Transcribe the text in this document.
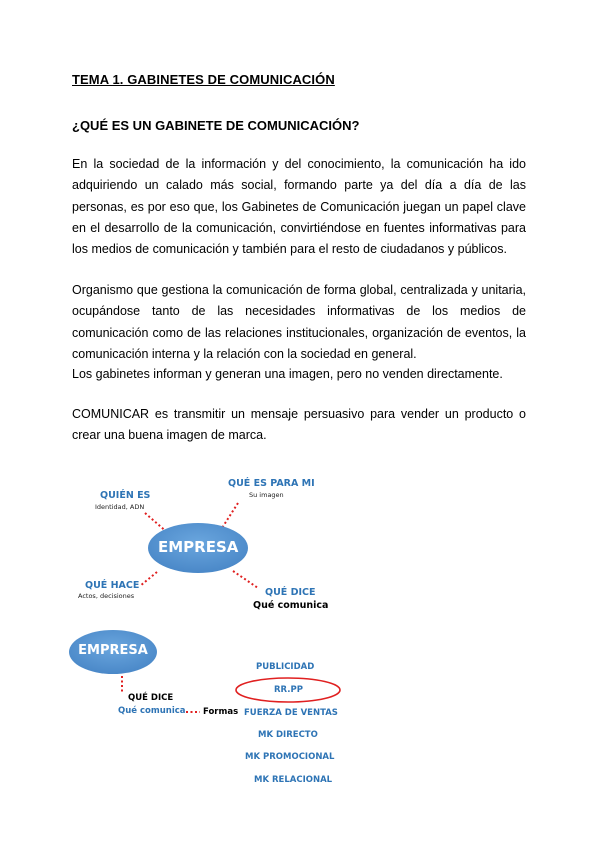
TEMA 1. GABINETES DE COMUNICACIÓN
¿QUÉ ES UN GABINETE DE COMUNICACIÓN?

En la sociedad de la información y del conocimiento, la comunicación ha ido adquiriendo un calado más social, formando parte ya del día a día de las personas, es por eso que, los Gabinetes de Comunicación juegan un papel clave en el desarrollo de la comunicación, convirtiéndose en fuentes informativas para los medios de comunicación y también para el resto de ciudadanos y públicos.

Organismo que gestiona la comunicación de forma global, centralizada y unitaria, ocupándose tanto de las necesidades informativas de los medios de comunicación como de las relaciones institucionales, organización de eventos, la comunicación interna y la relación con la sociedad en general.

Los gabinetes informan y generan una imagen, pero no venden directamente.

COMUNICAR es transmitir un mensaje persuasivo para vender un producto o crear una buena imagen de marca.

EMPRESA
QUIÉN ES
Identidad, ADN
QUÉ ES PARA MI
Su imagen
QUÉ HACE
Actos, decisiones	QUÉ DICE
Qué comunica
EMPRESA
QUÉ DICE
Qué comunica Formas
PUBLICIDAD
RR.PP
FUERZA DE VENTAS
MK DIRECTO
MK PROMOCIONAL
MK RELACIONAL
